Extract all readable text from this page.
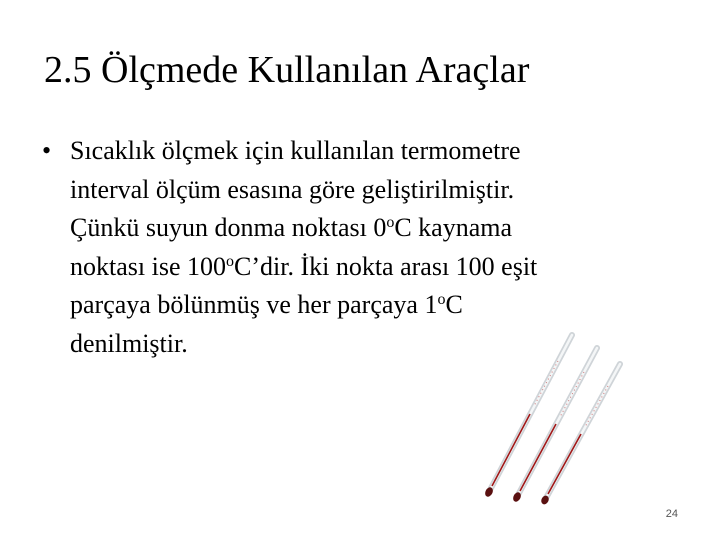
2.5 Ölçmede Kullanılan Araçlar
• Sıcaklık ölçmek için kullanılan termometre
interval ölçüm esasına göre geliştirilmiştir.
Çünkü suyun donma noktası 0$^o$C kaynama
noktası ise 100$^o$C’dir. İki nokta arası 100 eşit
parçaya bölünmüş ve her parçaya 1$^o$C
denilmiştir.
24
